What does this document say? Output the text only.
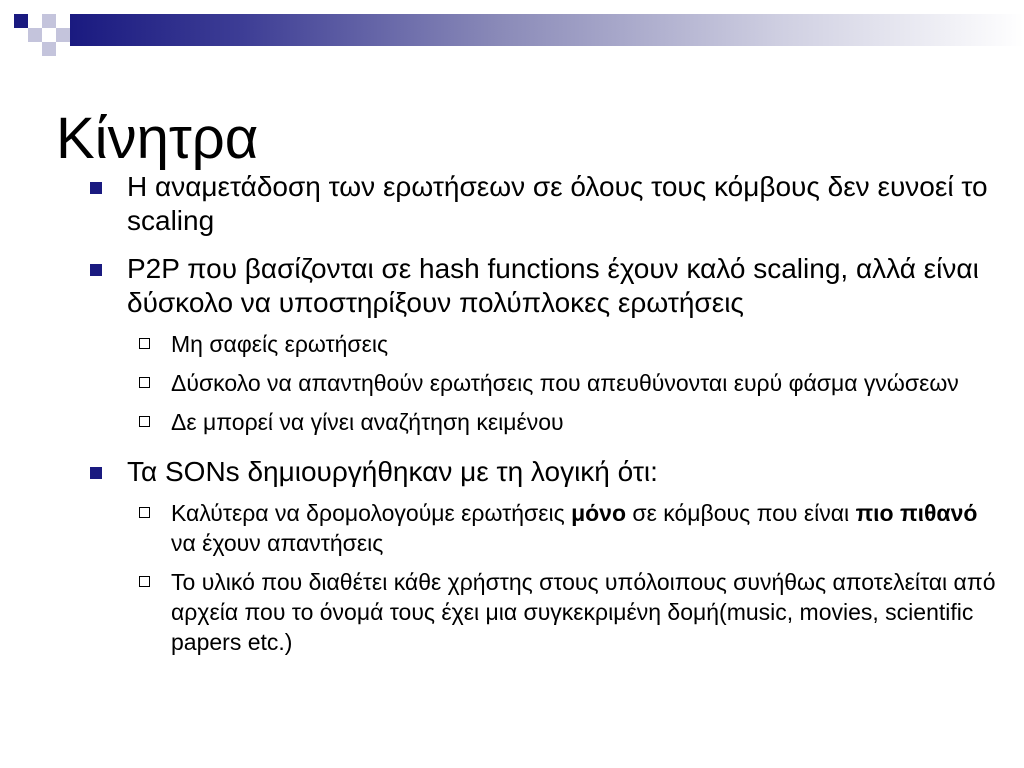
Κίνητρα
Η αναμετάδοση των ερωτήσεων σε όλους τους κόμβους δεν ευνοεί το scaling
P2P που βασίζονται σε hash functions έχουν καλό scaling, αλλά είναι δύσκολο να υποστηρίξουν πολύπλοκες ερωτήσεις
Μη σαφείς ερωτήσεις
Δύσκολο να απαντηθούν ερωτήσεις που απευθύνονται ευρύ φάσμα γνώσεων
Δε μπορεί να γίνει αναζήτηση κειμένου
Τα SONs δημιουργήθηκαν με τη λογική ότι:
Καλύτερα να δρομολογούμε ερωτήσεις μόνο σε κόμβους που είναι πιο πιθανό να έχουν απαντήσεις
Το υλικό που διαθέτει κάθε χρήστης στους υπόλοιπους συνήθως αποτελείται από αρχεία που το όνομά τους έχει μια συγκεκριμένη δομή(music, movies, scientific papers etc.)
